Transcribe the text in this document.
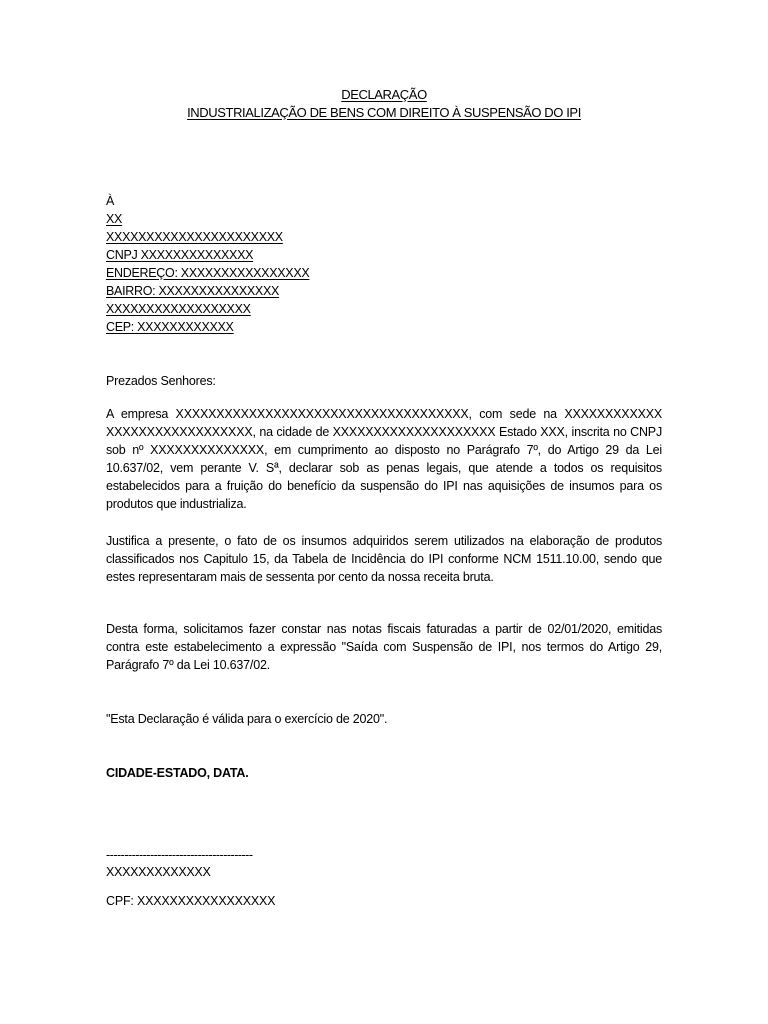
DECLARAÇÃO
INDUSTRIALIZAÇÃO DE BENS COM DIREITO À SUSPENSÃO DO IPI
À
XX
XXXXXXXXXXXXXXXXXXXXXX
CNPJ XXXXXXXXXXXXXX
ENDEREÇO: XXXXXXXXXXXXXXXX
BAIRRO: XXXXXXXXXXXXXXX
XXXXXXXXXXXXXXXXXX
CEP: XXXXXXXXXXXX
Prezados Senhores:
A empresa XXXXXXXXXXXXXXXXXXXXXXXXXXXXXXXXXXXX, com sede na XXXXXXXXXXXX XXXXXXXXXXXXXXXXXX, na cidade de XXXXXXXXXXXXXXXXXXXX Estado XXX, inscrita no CNPJ sob nº XXXXXXXXXXXXXX, em cumprimento ao disposto no Parágrafo 7º, do Artigo 29 da Lei 10.637/02, vem perante V. Sª, declarar sob as penas legais, que atende a todos os requisitos estabelecidos para a fruição do benefício da suspensão do IPI nas aquisições de insumos para os produtos que industrializa.
Justifica a presente, o fato de os insumos adquiridos serem utilizados na elaboração de produtos classificados nos Capitulo 15, da Tabela de Incidência do IPI conforme NCM 1511.10.00, sendo que estes representaram mais de sessenta por cento da nossa receita bruta.
Desta forma, solicitamos fazer constar nas notas fiscais faturadas a partir de 02/01/2020, emitidas contra este estabelecimento a expressão "Saída com Suspensão de IPI, nos termos do Artigo 29, Parágrafo 7º da Lei 10.637/02.
"Esta Declaração é válida para o exercício de 2020".
CIDADE-ESTADO, DATA.
----------------------------------------
XXXXXXXXXXXXX
CPF: XXXXXXXXXXXXXXXXX
